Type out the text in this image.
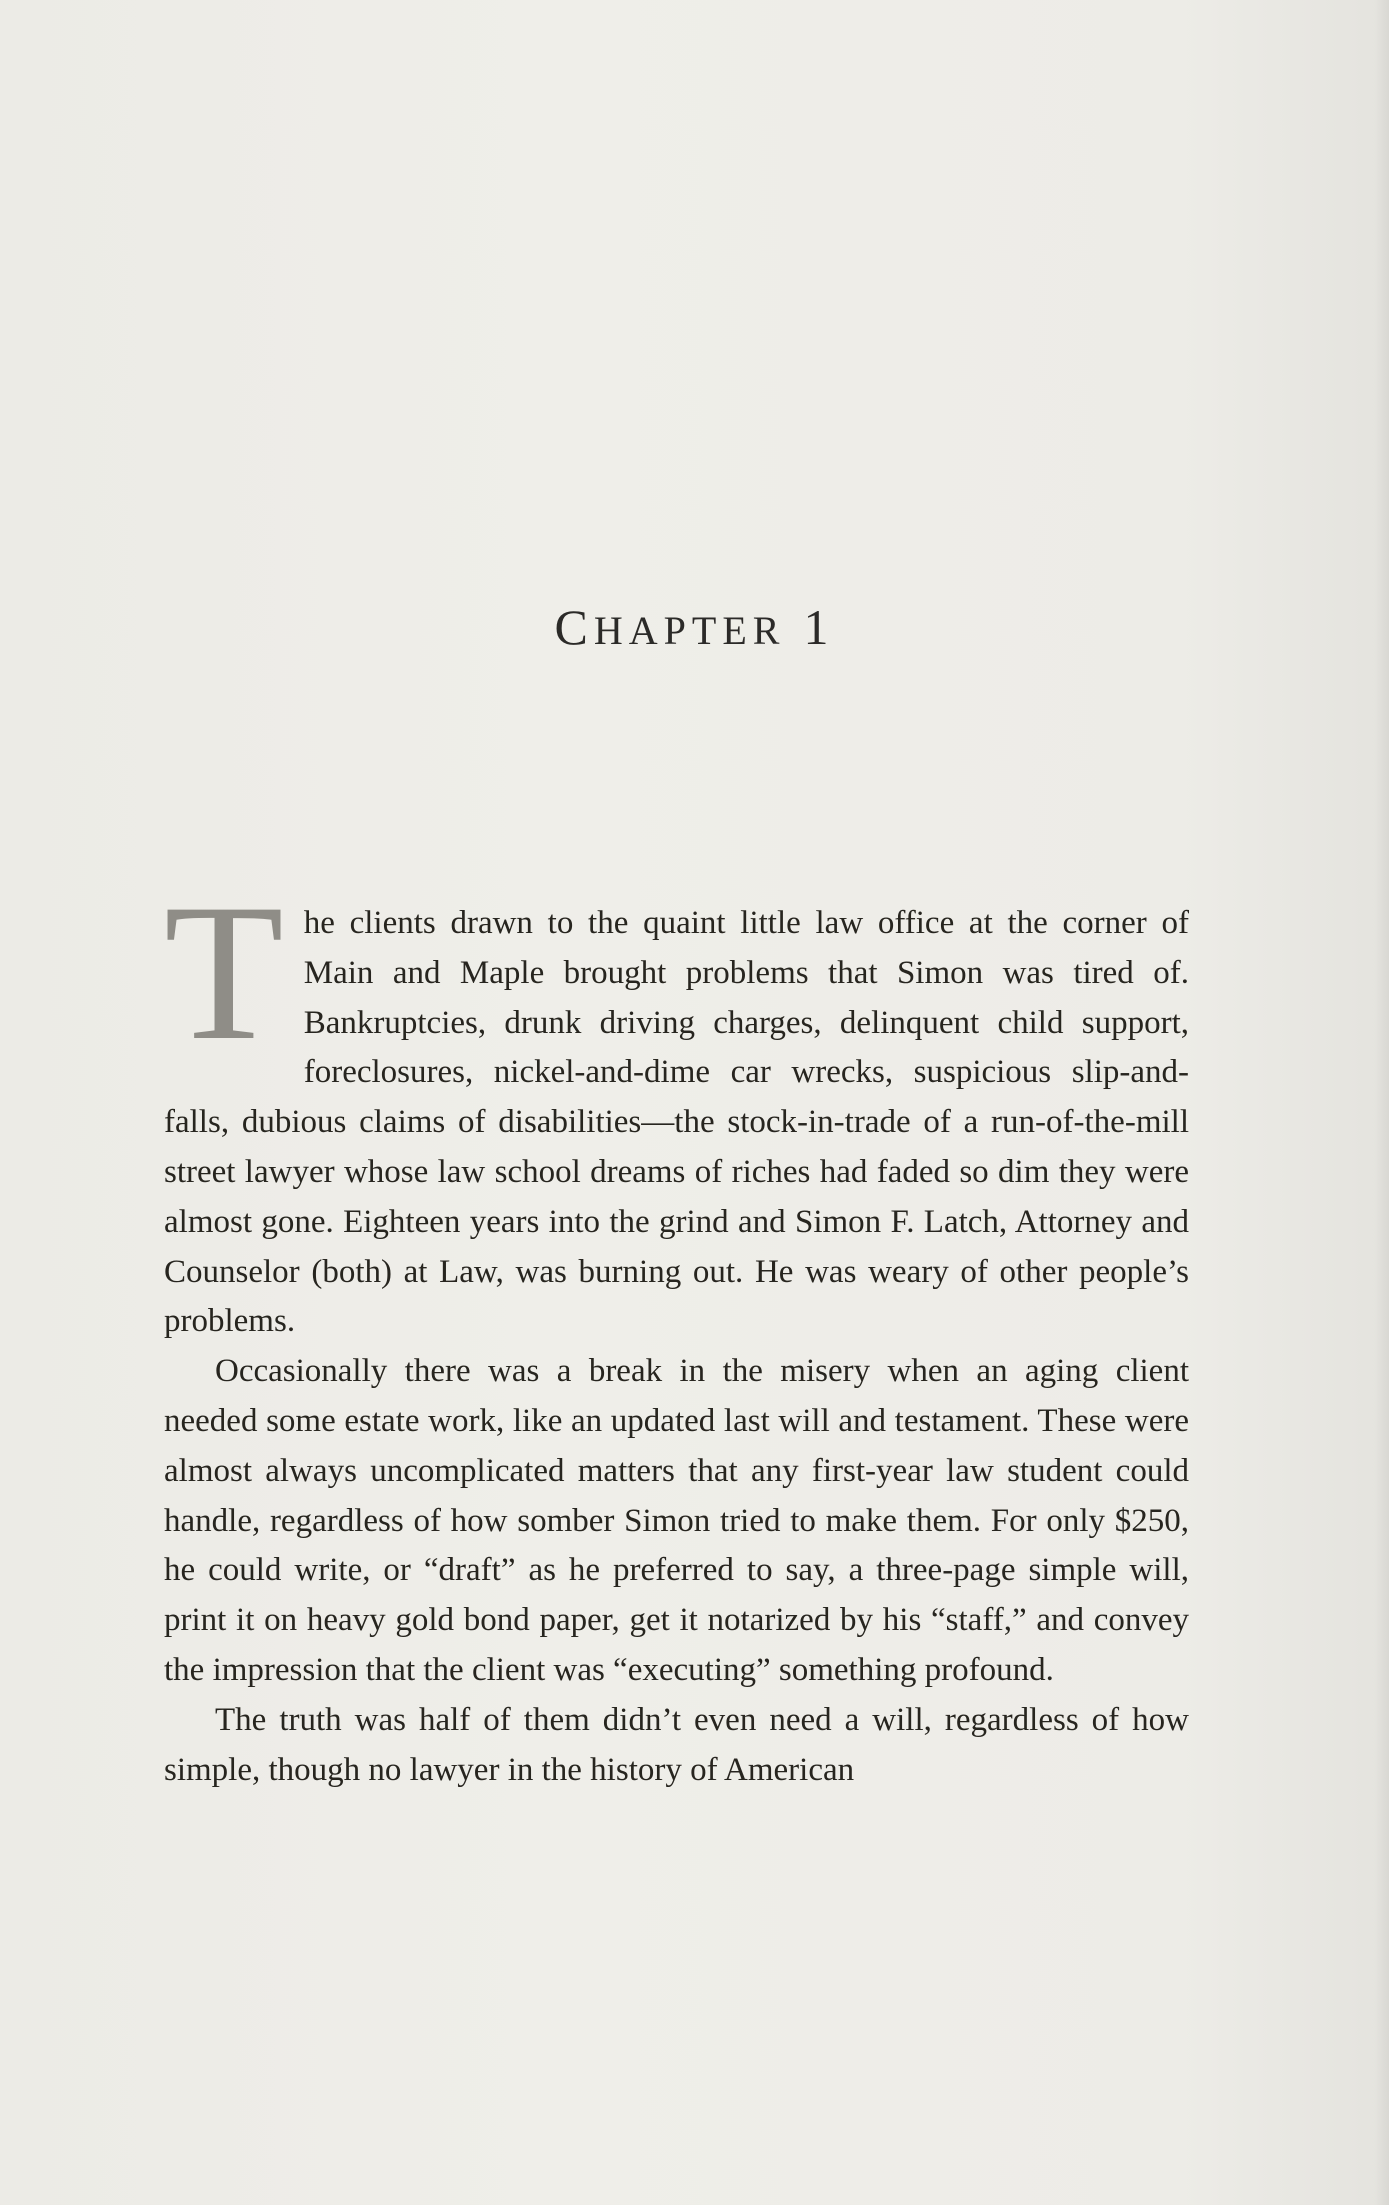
CHAPTER 1

The clients drawn to the quaint little law office at the corner of Main and Maple brought problems that Simon was tired of. Bankruptcies, drunk driving charges, delinquent child support, foreclosures, nickel-and-dime car wrecks, suspicious slip-and-falls, dubious claims of disabilities—the stock-in-trade of a run-of-the-mill street lawyer whose law school dreams of riches had faded so dim they were almost gone. Eighteen years into the grind and Simon F. Latch, Attorney and Counselor (both) at Law, was burning out. He was weary of other people’s problems.

Occasionally there was a break in the misery when an aging client needed some estate work, like an updated last will and testament. These were almost always uncomplicated matters that any first-year law student could handle, regardless of how somber Simon tried to make them. For only $250, he could write, or “draft” as he preferred to say, a three-page simple will, print it on heavy gold bond paper, get it notarized by his “staff,” and convey the impression that the client was “executing” something profound.

The truth was half of them didn’t even need a will, regardless of how simple, though no lawyer in the history of American
